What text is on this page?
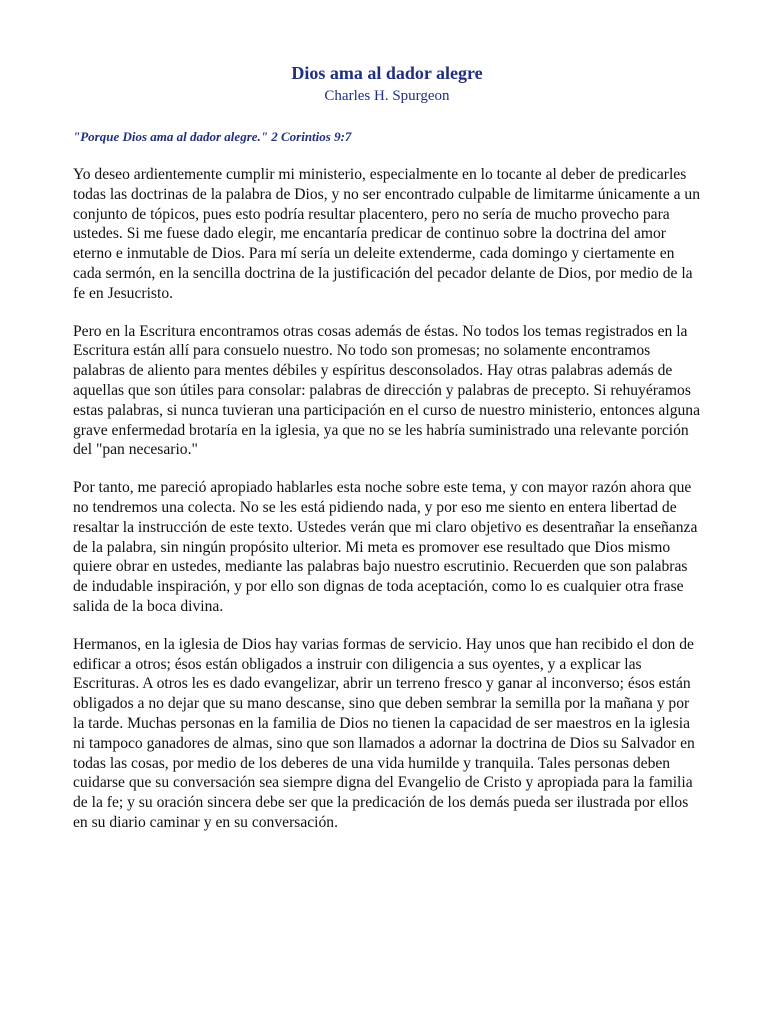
Dios ama al dador alegre
Charles H. Spurgeon

"Porque Dios ama al dador alegre." 2 Corintios 9:7

Yo deseo ardientemente cumplir mi ministerio, especialmente en lo tocante al deber de predicarles todas las doctrinas de la palabra de Dios, y no ser encontrado culpable de limitarme únicamente a un conjunto de tópicos, pues esto podría resultar placentero, pero no sería de mucho provecho para ustedes. Si me fuese dado elegir, me encantaría predicar de continuo sobre la doctrina del amor eterno e inmutable de Dios. Para mí sería un deleite extenderme, cada domingo y ciertamente en cada sermón, en la sencilla doctrina de la justificación del pecador delante de Dios, por medio de la fe en Jesucristo.

Pero en la Escritura encontramos otras cosas además de éstas. No todos los temas registrados en la Escritura están allí para consuelo nuestro. No todo son promesas; no solamente encontramos palabras de aliento para mentes débiles y espíritus desconsolados. Hay otras palabras además de aquellas que son útiles para consolar: palabras de dirección y palabras de precepto. Si rehuyéramos estas palabras, si nunca tuvieran una participación en el curso de nuestro ministerio, entonces alguna grave enfermedad brotaría en la iglesia, ya que no se les habría suministrado una relevante porción del "pan necesario."

Por tanto, me pareció apropiado hablarles esta noche sobre este tema, y con mayor razón ahora que no tendremos una colecta. No se les está pidiendo nada, y por eso me siento en entera libertad de resaltar la instrucción de este texto. Ustedes verán que mi claro objetivo es desentrañar la enseñanza de la palabra, sin ningún propósito ulterior. Mi meta es promover ese resultado que Dios mismo quiere obrar en ustedes, mediante las palabras bajo nuestro escrutinio. Recuerden que son palabras de indudable inspiración, y por ello son dignas de toda aceptación, como lo es cualquier otra frase salida de la boca divina.

Hermanos, en la iglesia de Dios hay varias formas de servicio. Hay unos que han recibido el don de edificar a otros; ésos están obligados a instruir con diligencia a sus oyentes, y a explicar las Escrituras. A otros les es dado evangelizar, abrir un terreno fresco y ganar al inconverso; ésos están obligados a no dejar que su mano descanse, sino que deben sembrar la semilla por la mañana y por la tarde. Muchas personas en la familia de Dios no tienen la capacidad de ser maestros en la iglesia ni tampoco ganadores de almas, sino que son llamados a adornar la doctrina de Dios su Salvador en todas las cosas, por medio de los deberes de una vida humilde y tranquila. Tales personas deben cuidarse que su conversación sea siempre digna del Evangelio de Cristo y apropiada para la familia de la fe; y su oración sincera debe ser que la predicación de los demás pueda ser ilustrada por ellos en su diario caminar y en su conversación.
